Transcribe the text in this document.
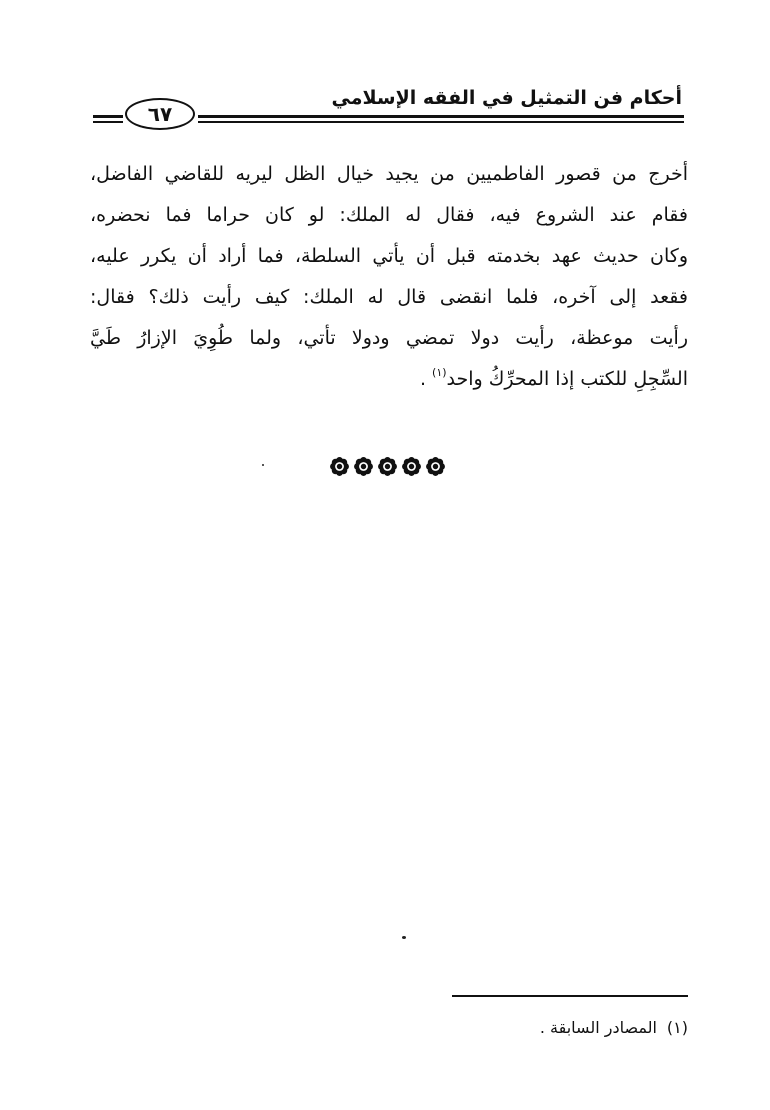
أحكام فن التمثيل في الفقه الإسلامي
٦٧
أخرج من قصور الفاطميين من يجيد خيال الظل ليريه للقاضي الفاضل،
فقام عند الشروع فيه، فقال له الملك: لو كان حراما فما نحضره،
وكان حديث عهد بخدمته قبل أن يأتي السلطة، فما أراد أن يكرر عليه،
فقعد إلى آخره، فلما انقضى قال له الملك: كيف رأيت ذلك؟ فقال:
رأيت موعظة، رأيت دولا تمضي ودولا تأتي، ولما طُوِيَ الإزارُ طَيَّ
السِّجِلِ للكتب إذا المحرِّكُ واحد$^{(١)}$ .
(١)المصادر السابقة .
